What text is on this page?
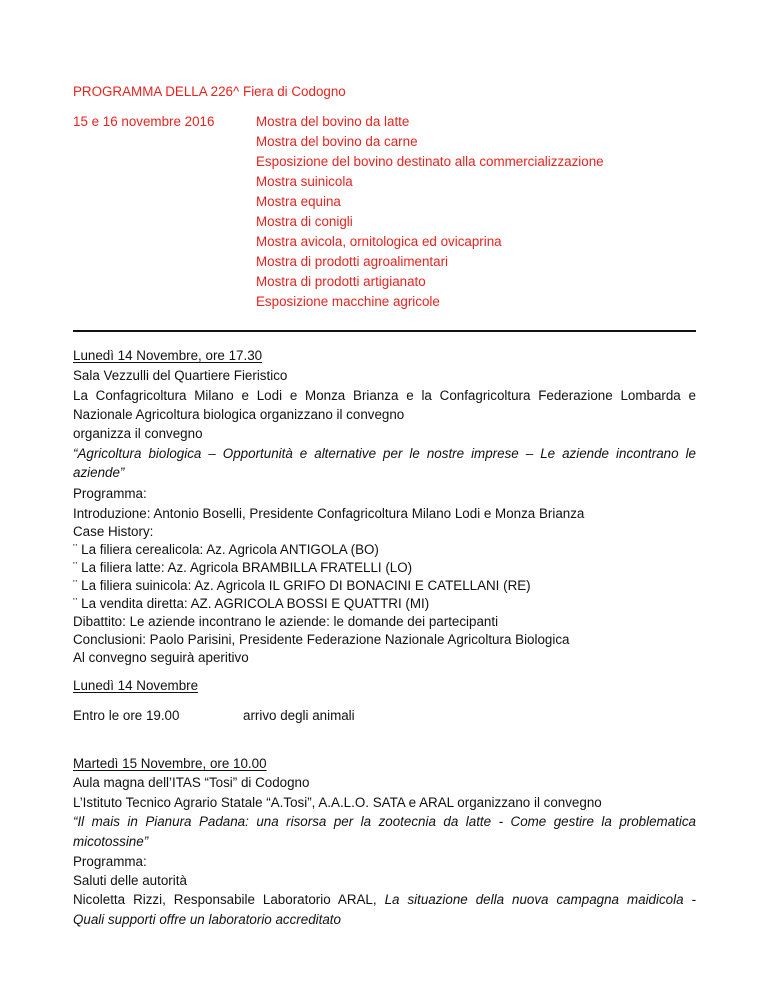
PROGRAMMA DELLA 226^ Fiera di Codogno
15 e 16 novembre 2016	Mostra del bovino da latte
Mostra del bovino da carne
Esposizione del bovino destinato alla commercializzazione
Mostra suinicola
Mostra equina
Mostra di conigli
Mostra avicola, ornitologica ed ovicaprina
Mostra di prodotti agroalimentari
Mostra di prodotti artigianato
Esposizione macchine agricole
Lunedì 14 Novembre, ore 17.30
Sala Vezzulli del Quartiere Fieristico
La Confagricoltura Milano e Lodi e Monza Brianza e la Confagricoltura Federazione Lombarda e
Nazionale Agricoltura biologica organizzano il convegno
organizza il convegno
“Agricoltura biologica – Opportunità e alternative per le nostre imprese – Le aziende incontrano le
aziende”
Programma:
Introduzione: Antonio Boselli, Presidente Confagricoltura Milano Lodi e Monza Brianza
Case History:
¨ La filiera cerealicola: Az. Agricola ANTIGOLA (BO)
¨ La filiera latte: Az. Agricola BRAMBILLA FRATELLI (LO)
¨ La filiera suinicola: Az. Agricola IL GRIFO DI BONACINI E CATELLANI (RE)
¨ La vendita diretta: AZ. AGRICOLA BOSSI E QUATTRI (MI)
Dibattito: Le aziende incontrano le aziende: le domande dei partecipanti
Conclusioni: Paolo Parisini, Presidente Federazione Nazionale Agricoltura Biologica
Al convegno seguirà aperitivo
Lunedì 14 Novembre
Entro le ore 19.00	arrivo degli animali
Martedì 15 Novembre, ore 10.00
Aula magna dell’ITAS “Tosi” di Codogno
L’Istituto Tecnico Agrario Statale “A.Tosi”, A.A.L.O. SATA e ARAL organizzano il convegno
“Il mais in Pianura Padana: una risorsa per la zootecnia da latte - Come gestire la problematica
micotossine”
Programma:
Saluti delle autorità
Nicoletta Rizzi, Responsabile Laboratorio ARAL, La situazione della nuova campagna maidicola -
Quali supporti offre un laboratorio accreditato
